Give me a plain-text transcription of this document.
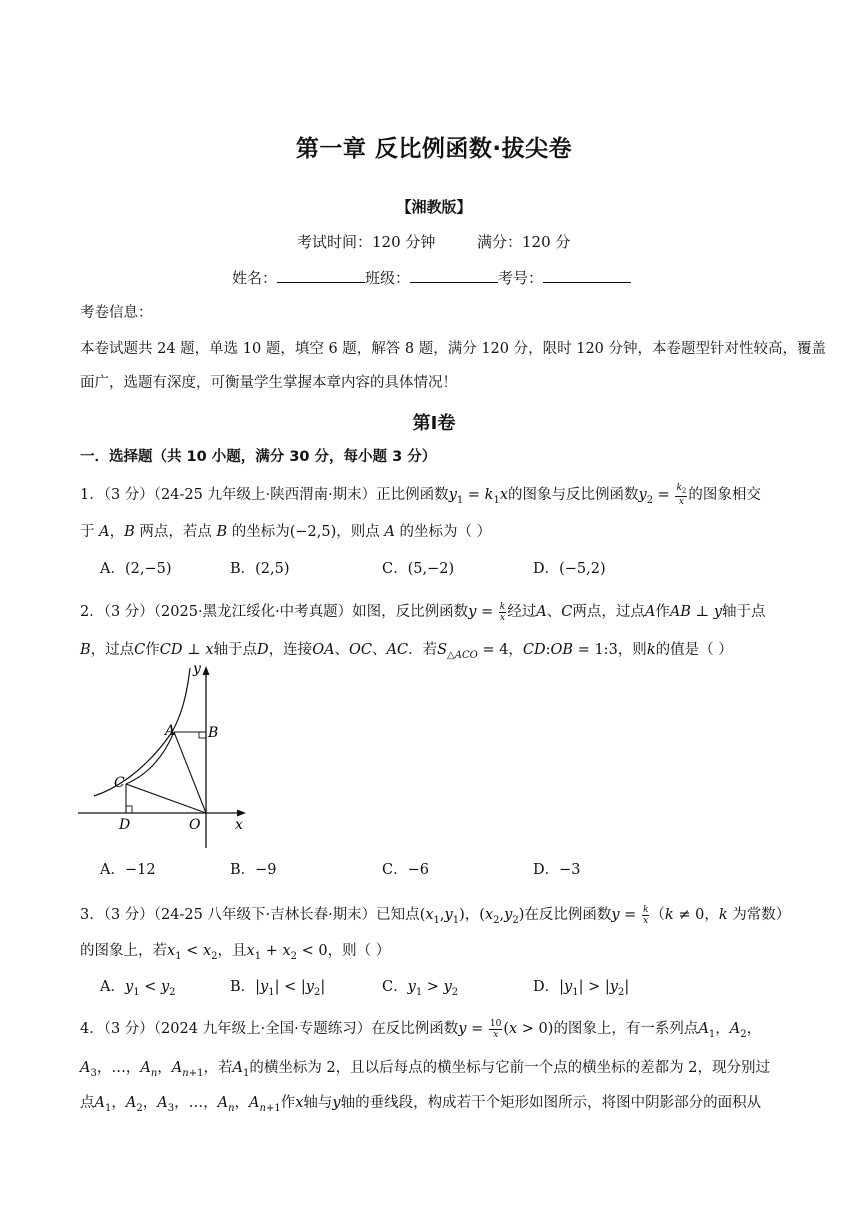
第一章 反比例函数·拔尖卷
【湘教版】
考试时间：120 分钟	满分：120 分
姓名：	班级：	考号：
考卷信息：
本卷试题共 24 题，单选 10 题，填空 6 题，解答 8 题，满分 120 分，限时 120 分钟，本卷题型针对性较高，覆盖
面广，选题有深度，可衡量学生掌握本章内容的具体情况！
第Ⅰ卷
一．选择题（共 10 小题，满分 30 分，每小题 3 分）
1．（3 分）（24-25 九年级上·陕西渭南·期末）正比例函数$y_1 = k_1x$的图象与反比例函数$y_2 = \frac{k_2}{x}$ 的图象相交
于 A，B 两点，若点 B 的坐标为(−2,5)，则点 A 的坐标为（ ）
A．(2,−5)	B．(2,5)	C．(5,−2)	D．(−5,2)
2．（3 分）（2025·黑龙江绥化·中考真题）如图，反比例函数$y = \frac{k}{x}$ 经过A、C两点，过点A作AB ⊥ y轴于点
B，过点C作CD ⊥ x轴于点D，连接OA、OC、AC．若$S_{\triangle ACO} = 4$，CD:OB = 1:3，则k的值是（ ）
y
x
A B
C
D	O
A．−12	B．−9	C．−6	D．−3
3．（3 分）（24-25 八年级下·吉林长春·期末）已知点$(x_1,y_1)$，$(x_2,y_2)$在反比例函数$y = \frac{k}{x} (k \ne 0$，k 为常数）
的图象上，若$x_1 < x_2$，且$x_1 + x_2 < 0$，则（ ）
A．$y_1 < y_2$	B．$|y_1| < |y_2|$	C．$y_1 > y_2$	D．$|y_1| > |y_2|$
4．（3 分）（2024 九年级上·全国·专题练习）在反比例函数$y = \frac{10}{x} (x > 0)$的图象上，有一系列点$A_1$，$A_2$，
$A_3$，…，$A_n$，$A_{n+1}$，若$A_1$的横坐标为 2，且以后每点的横坐标与它前一个点的横坐标的差都为 2，现分别过
点$A_1$，$A_2$，$A_3$，…，$A_n$，$A_{n+1}$作x轴与y轴的垂线段，构成若干个矩形如图所示，将图中阴影部分的面积从
